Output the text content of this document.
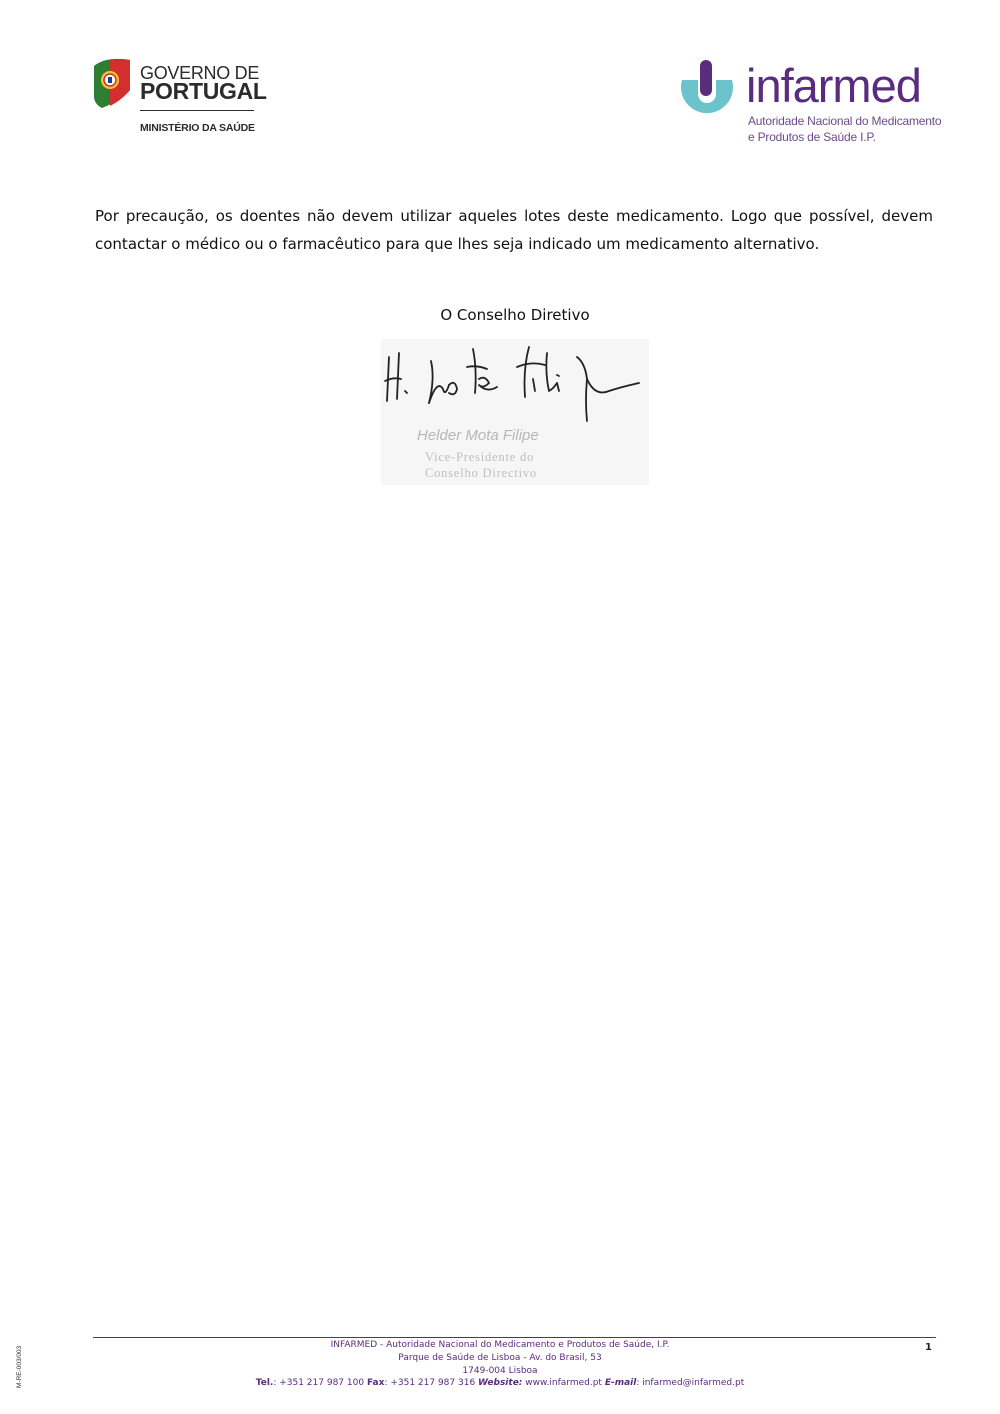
GOVERNO DE
PORTUGAL
MINISTÉRIO DA SAÚDE
infarmed
Autoridade Nacional do Medicamento
e Produtos de Saúde I.P.
Por precaução, os doentes não devem utilizar aqueles lotes deste medicamento. Logo que possível, devem contactar o médico ou o farmacêutico para que lhes seja indicado um medicamento alternativo.
O Conselho Diretivo
Helder Mota Filipe
Vice-Presidente do
Conselho Directivo
M-RE-003/003
INFARMED - Autoridade Nacional do Medicamento e Produtos de Saúde, I.P.
Parque de Saúde de Lisboa - Av. do Brasil, 53
1749-004 Lisboa
Tel.: +351 217 987 100 Fax: +351 217 987 316 Website: www.infarmed.pt E-mail: infarmed@infarmed.pt
1
